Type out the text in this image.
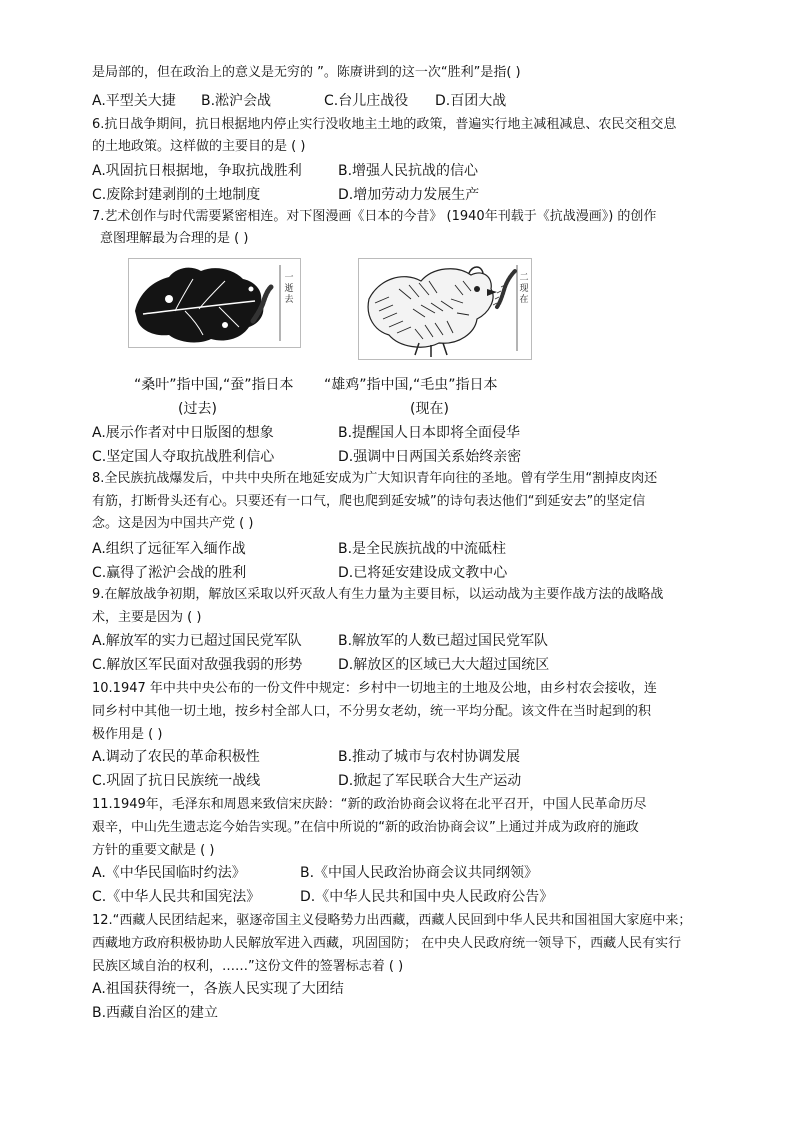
是局部的，但在政治上的意义是无穷的 ”。陈赓讲到的这一次“胜利”是指( )
A.平型关大捷 B.淞沪会战	C.台儿庄战役 D.百团大战
6.抗日战争期间，抗日根据地内停止实行没收地主土地的政策，普遍实行地主减租减息、农民交租交息
的土地政策。这样做的主要目的是 ( )
A.巩固抗日根据地，争取抗战胜利	B.增强人民抗战的信心
C.废除封建剥削的土地制度	D.增加劳动力发展生产
7.艺术创作与时代需要紧密相连。对下图漫画《日本的今昔》 (1940年刊载于《抗战漫画》) 的创作
意图理解最为合理的是 ( )
一逝去
二现在
“桑叶”指中国,“蚕”指日本 “雄鸡”指中国,“毛虫”指日本
(过去)	(现在)
A.展示作者对中日版图的想象	B.提醒国人日本即将全面侵华
C.坚定国人夺取抗战胜利信心	D.强调中日两国关系始终亲密
8.全民族抗战爆发后，中共中央所在地延安成为广大知识青年向往的圣地。曾有学生用“割掉皮肉还
有筋，打断骨头还有心。只要还有一口气，爬也爬到延安城”的诗句表达他们“到延安去”的坚定信
念。这是因为中国共产党 ( )
A.组织了远征军入缅作战	B.是全民族抗战的中流砥柱
C.赢得了淞沪会战的胜利	D.已将延安建设成文教中心
9.在解放战争初期，解放区采取以歼灭敌人有生力量为主要目标，以运动战为主要作战方法的战略战
术，主要是因为 ( )
A.解放军的实力已超过国民党军队	B.解放军的人数已超过国民党军队
C.解放区军民面对敌强我弱的形势	D.解放区的区域已大大超过国统区
10.1947 年中共中央公布的一份文件中规定：乡村中一切地主的土地及公地，由乡村农会接收，连
同乡村中其他一切土地，按乡村全部人口，不分男女老幼，统一平均分配。该文件在当时起到的积
极作用是 ( )
A.调动了农民的革命积极性	B.推动了城市与农村协调发展
C.巩固了抗日民族统一战线	D.掀起了军民联合大生产运动
11.1949年，毛泽东和周恩来致信宋庆龄：“新的政治协商会议将在北平召开，中国人民革命历尽
艰辛，中山先生遗志迄今始告实现。”在信中所说的“新的政治协商会议”上通过并成为政府的施政
方针的重要文献是 ( )
A.《中华民国临时约法》	B.《中国人民政治协商会议共同纲领》
C.《中华人民共和国宪法》	D.《中华人民共和国中央人民政府公告》
12.“西藏人民团结起来，驱逐帝国主义侵略势力出西藏，西藏人民回到中华人民共和国祖国大家庭中来；
西藏地方政府积极协助人民解放军进入西藏，巩固国防； 在中央人民政府统一领导下，西藏人民有实行
民族区域自治的权利，……”这份文件的签署标志着 ( )
A.祖国获得统一，各族人民实现了大团结
B.西藏自治区的建立
